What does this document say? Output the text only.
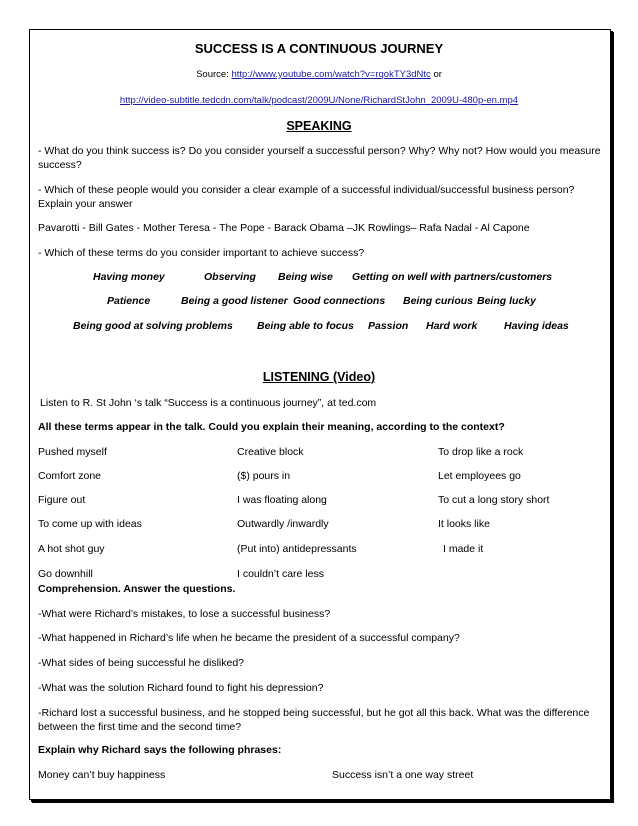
SUCCESS IS A CONTINUOUS JOURNEY
Source: http://www.youtube.com/watch?v=rqokTY3dNtc or
http://video-subtitle.tedcdn.com/talk/podcast/2009U/None/RichardStJohn_2009U-480p-en.mp4
SPEAKING
- What do you think success is? Do you consider yourself a successful person? Why? Why not? How would you measure success?
- Which of these people would you consider a clear example of a successful individual/successful business person? Explain your answer
Pavarotti - Bill Gates - Mother Teresa - The Pope - Barack Obama –JK Rowlings– Rafa Nadal - Al Capone
- Which of these terms do you consider important to achieve success?
Having money	Observing Being wise Getting on well with partners/customers
Patience	Being a good listener Good connections Being curious Being lucky
Being good at solving problems Being able to focus Passion Hard work	Having ideas
LISTENING (Video)
Listen to R. St John ‘s talk “Success is a continuous journey”, at ted.com
All these terms appear in the talk. Could you explain their meaning, according to the context?
Pushed myself	Creative block	To drop like a rock
Comfort zone	($) pours in	Let employees go
Figure out	I was floating along	To cut a long story short
To come up with ideas	Outwardly /inwardly	It looks like
A hot shot guy	(Put into) antidepressants	I made it
Go downhill	I couldn’t care less
Comprehension. Answer the questions.
-What were Richard’s mistakes, to lose a successful business?
-What happened in Richard’s life when he became the president of a successful company?
-What sides of being successful he disliked?
-What was the solution Richard found to fight his depression?
-Richard lost a successful business, and he stopped being successful, but he got all this back. What was the difference between the first time and the second time?
Explain why Richard says the following phrases:
Money can’t buy happiness	Success isn’t a one way street
